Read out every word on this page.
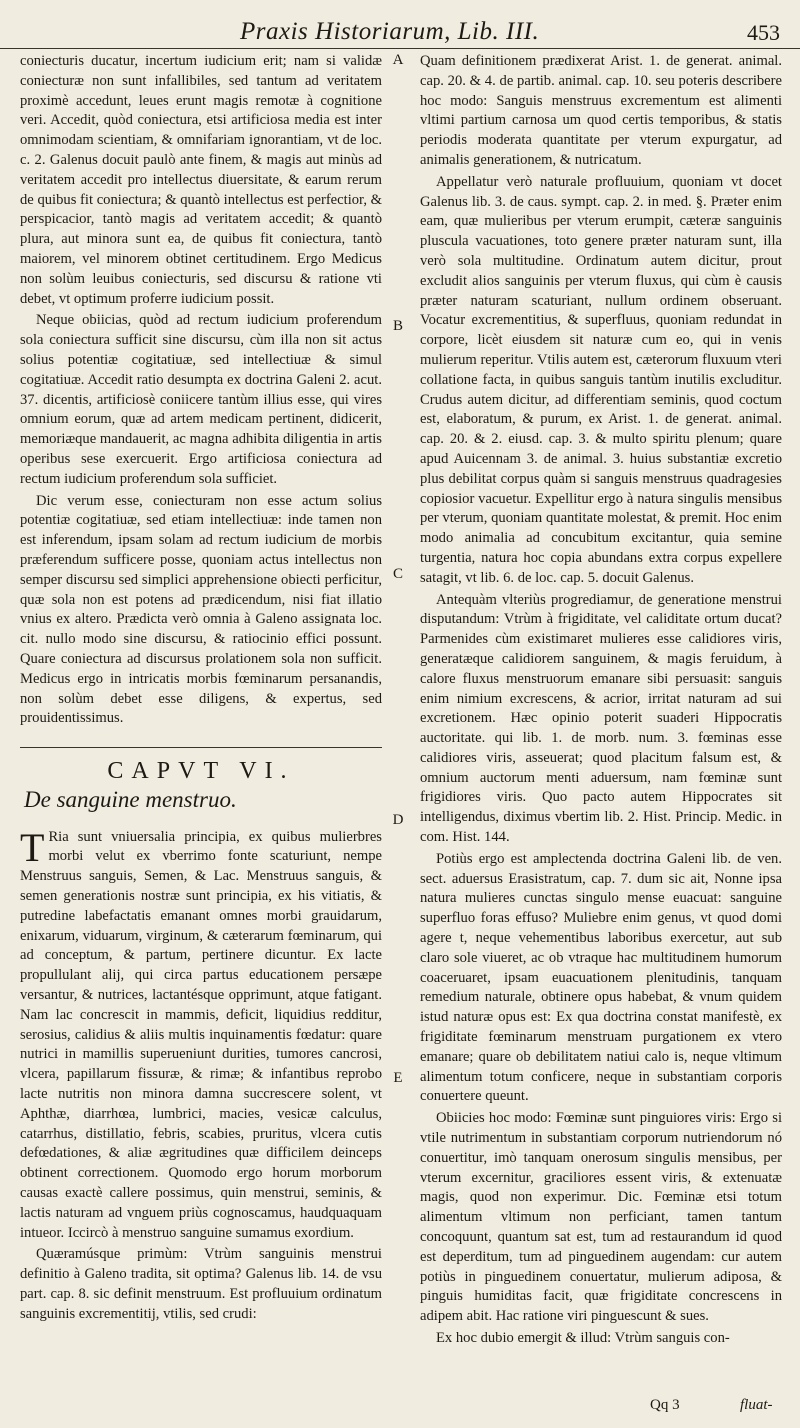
Praxis Historiarum, Lib. III.	453

coniecturis ducatur, incertum iudicium erit; nam si validæ coniecturæ non sunt infallibiles, sed tantum ad veritatem proximè accedunt, leues erunt magis remotæ à cognitione veri. Accedit, quòd coniectura, etsi artificiosa media est inter omnimodam scientiam, & omnifariam ignorantiam, vt de loc. c. 2. Galenus docuit paulò ante finem, & magis aut minùs ad veritatem accedit pro intellectus diuersitate, & earum rerum de quibus fit coniectura; & quantò intellectus est perfectior, & perspicacior, tantò magis ad veritatem accedit; & quantò plura, aut minora sunt ea, de quibus fit coniectura, tantò maiorem, vel minorem obtinet certitudinem. Ergo Medicus non solùm leuibus coniecturis, sed discursu & ratione vti debet, vt optimum proferre iudicium possit.

Neque obiicias, quòd ad rectum iudicium proferendum sola coniectura sufficit sine discursu, cùm illa non sit actus solius potentiæ cogitatiuæ, sed intellectiuæ & simul cogitatiuæ. Accedit ratio desumpta ex doctrina Galeni 2. acut. 37. dicentis, artificiosè coniicere tantùm illius esse, qui vires omnium eorum, quæ ad artem medicam pertinent, didicerit, memoriæque mandauerit, ac magna adhibita diligentia in artis operibus sese exercuerit. Ergo artificiosa coniectura ad rectum iudicium proferendum sola sufficiet.

Dic verum esse, coniecturam non esse actum solius potentiæ cogitatiuæ, sed etiam intellectiuæ: inde tamen non est inferendum, ipsam solam ad rectum iudicium de morbis præferendum sufficere posse, quoniam actus intellectus non semper discursu sed simplici apprehensione obiecti perficitur, quæ sola non est potens ad prædicendum, nisi fiat illatio vnius ex altero. Prædicta verò omnia à Galeno assignata loc. cit. nullo modo sine discursu, & ratiocinio effici possunt. Quare coniectura ad discursus prolationem sola non sufficit. Medicus ergo in intricatis morbis fœminarum persanandis, non solùm debet esse diligens, & expertus, sed prouidentissimus.

CAPVT VI.
De sanguine menstruo.

T Ria sunt vniuersalia principia, ex quibus mulierbres morbi velut ex vberrimo fonte scaturiunt, nempe Menstruus sanguis, Semen, & Lac. Menstruus sanguis, & semen generationis nostræ sunt principia, ex his vitiatis, & putredine labefactatis emanant omnes morbi grauidarum, enixarum, viduarum, virginum, & cæterarum fœminarum, qui ad conceptum, & partum, pertinere dicuntur. Ex lacte propullulant alij, qui circa partus educationem persæpe versantur, & nutrices, lactantésque opprimunt, atque fatigant. Nam lac concrescit in mammis, deficit, liquidius redditur, serosius, calidius & aliis multis inquinamentis fœdatur: quare nutrici in mamillis superueniunt durities, tumores cancrosi, vlcera, papillarum fissuræ, & rimæ; & infantibus reprobo lacte nutritis non minora damna succrescere solent, vt Aphthæ, diarrhœa, lumbrici, macies, vesicæ calculus, catarrhus, distillatio, febris, scabies, pruritus, vlcera cutis defœdationes, & aliæ ægritudines quæ difficilem deinceps obtinent correctionem. Quomodo ergo horum morborum causas exactè callere possimus, quin menstrui, seminis, & lactis naturam ad vnguem priùs cognoscamus, haudquaquam intueor. Iccircò à menstruo sanguine sumamus exordium.

Quæramúsque primùm: Vtrùm sanguinis menstrui definitio à Galeno tradita, sit optima? Galenus lib. 14. de vsu part. cap. 8. sic definit menstruum. Est profluuium ordinatum sanguinis excrementitij, vtilis, sed crudi:

A
B
C
D
E

Quam definitionem prædixerat Arist. 1. de generat. animal. cap. 20. & 4. de partib. animal. cap. 10. seu poteris describere hoc modo: Sanguis menstruus excrementum est alimenti vltimi partium carnosa um quod certis temporibus, & statis periodis moderata quantitate per vterum expurgatur, ad animalis generationem, & nutricatum.

Appellatur verò naturale profluuium, quoniam vt docet Galenus lib. 3. de caus. sympt. cap. 2. in med. §. Præter enim eam, quæ mulieribus per vterum erumpit, cæteræ sanguinis pluscula vacuationes, toto genere præter naturam sunt, illa verò sola multitudine. Ordinatum autem dicitur, prout excludit alios sanguinis per vterum fluxus, qui cùm è causis præter naturam scaturiant, nullum ordinem obseruant. Vocatur excrementitius, & superfluus, quoniam redundat in corpore, licèt eiusdem sit naturæ cum eo, qui in venis mulierum reperitur. Vtilis autem est, cæterorum fluxuum vteri collatione facta, in quibus sanguis tantùm inutilis excluditur. Crudus autem dicitur, ad differentiam seminis, quod coctum est, elaboratum, & purum, ex Arist. 1. de generat. animal. cap. 20. & 2. eiusd. cap. 3. & multo spiritu plenum; quare apud Auicennam 3. de animal. 3. huius substantiæ excretio plus debilitat corpus quàm si sanguis menstruus quadragesies copiosior vacuetur. Expellitur ergo à natura singulis mensibus per vterum, quoniam quantitate molestat, & premit. Hoc enim modo animalia ad concubitum excitantur, quia semine turgentia, natura hoc copia abundans extra corpus expellere satagit, vt lib. 6. de loc. cap. 5. docuit Galenus.

Antequàm vlteriùs progrediamur, de generatione menstrui disputandum: Vtrùm à frigiditate, vel caliditate ortum ducat? Parmenides cùm existimaret mulieres esse calidiores viris, generatæque calidiorem sanguinem, & magis feruidum, à calore fluxus menstruorum emanare sibi persuasit: sanguis enim nimium excrescens, & acrior, irritat naturam ad sui excretionem. Hæc opinio poterit suaderi Hippocratis auctoritate. qui lib. 1. de morb. num. 3. fœminas esse calidiores viris, asseuerat; quod placitum falsum est, & omnium auctorum menti aduersum, nam fœminæ sunt frigidiores viris. Quo pacto autem Hippocrates sit intelligendus, diximus vbertim lib. 2. Hist. Princip. Medic. in com. Hist. 144.

Potiùs ergo est amplectenda doctrina Galeni lib. de ven. sect. aduersus Erasistratum, cap. 7. dum sic ait, Nonne ipsa natura mulieres cunctas singulo mense euacuat: sanguine superfluo foras effuso? Muliebre enim genus, vt quod domi agere t, neque vehementibus laboribus exercetur, aut sub claro sole viueret, ac ob vtraque hac multitudinem humorum coaceruaret, ipsam euacuationem plenitudinis, tanquam remedium naturale, obtinere opus habebat, & vnum quidem istud naturæ opus est: Ex qua doctrina constat manifestè, ex frigiditate fœminarum menstruam purgationem ex vtero emanare; quare ob debilitatem natiui calo is, neque vltimum alimentum totum conficere, neque in substantiam corporis conuertere queunt.

Obiicies hoc modo: Fœminæ sunt pinguiores viris: Ergo si vtile nutrimentum in substantiam corporum nutriendorum nó conuertitur, imò tanquam onerosum singulis mensibus, per vterum excernitur, graciliores essent viris, & extenuatæ magis, quod non experimur. Dic. Fœminæ etsi totum alimentum vltimum non perficiant, tamen tantum concoquunt, quantum sat est, tum ad restaurandum id quod est deperditum, tum ad pinguedinem augendam: cur autem potiùs in pinguedinem conuertatur, mulierum adiposa, & pinguis humiditas facit, quæ frigiditate concrescens in adipem abit. Hac ratione viri pinguescunt & sues.

Ex hoc dubio emergit & illud: Vtrùm sanguis con-

Qq 3	fluat-
